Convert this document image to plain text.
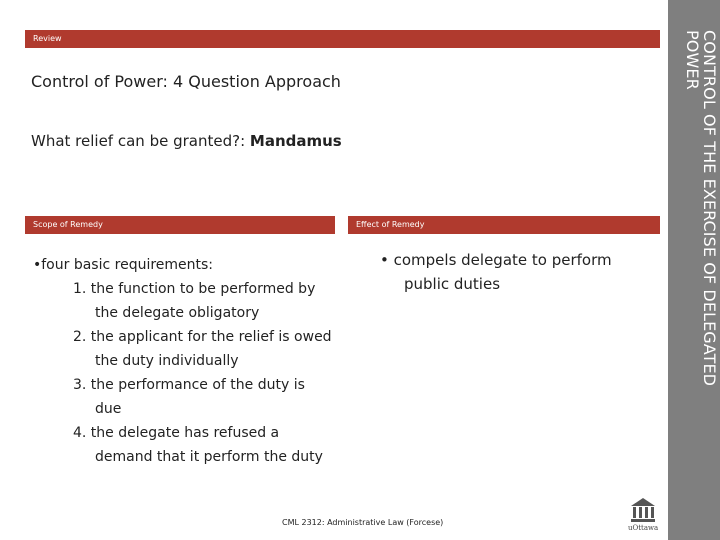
Review	CONTROL OF THE EXERCISE OF DELEGATED POWER
Control of Power: 4 Question Approach
What relief can be granted?: Mandamus
Scope of Remedy	Effect of Remedy
•four basic requirements:
1. the function to be performed by the delegate obligatory
2. the applicant for the relief is owed the duty individually
3. the performance of the duty is due
4. the delegate has refused a demand that it perform the duty
• compels delegate to perform public duties
CML 2312: Administrative Law (Forcese)
uOttawa
